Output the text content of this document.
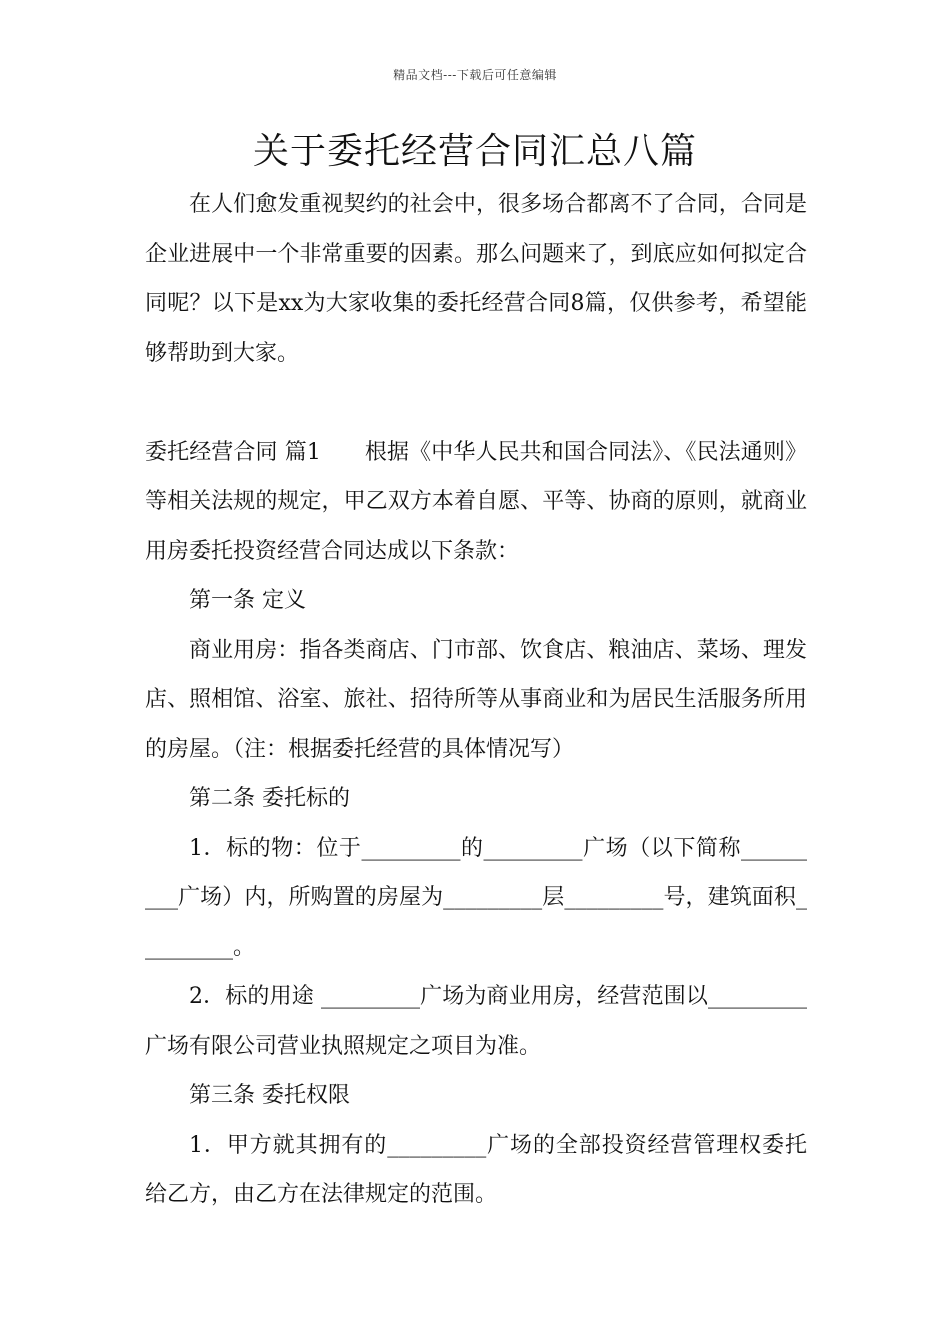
精品文档---下载后可任意编辑
关于委托经营合同汇总八篇

在人们愈发重视契约的社会中，很多场合都离不了合同，合同是企业进展中一个非常重要的因素。那么问题来了，到底应如何拟定合同呢？以下是xx为大家收集的委托经营合同8篇，仅供参考，希望能够帮助到大家。

委托经营合同 篇1 根据《中华人民共和国合同法》、《民法通则》等相关法规的规定，甲乙双方本着自愿、平等、协商的原则，就商业用房委托投资经营合同达成以下条款：

第一条 定义

商业用房：指各类商店、门市部、饮食店、粮油店、菜场、理发店、照相馆、浴室、旅社、招待所等从事商业和为居民生活服务所用的房屋。（注：根据委托经营的具体情况写）

第二条 委托标的

1．标的物：位于_________的_________广场（以下简称_________广场）内，所购置的房屋为_________层_________号，建筑面积_________。

2．标的用途 _________广场为商业用房，经营范围以_________广场有限公司营业执照规定之项目为准。

第三条 委托权限

1．甲方就其拥有的_________广场的全部投资经营管理权委托给乙方，由乙方在法律规定的范围。
